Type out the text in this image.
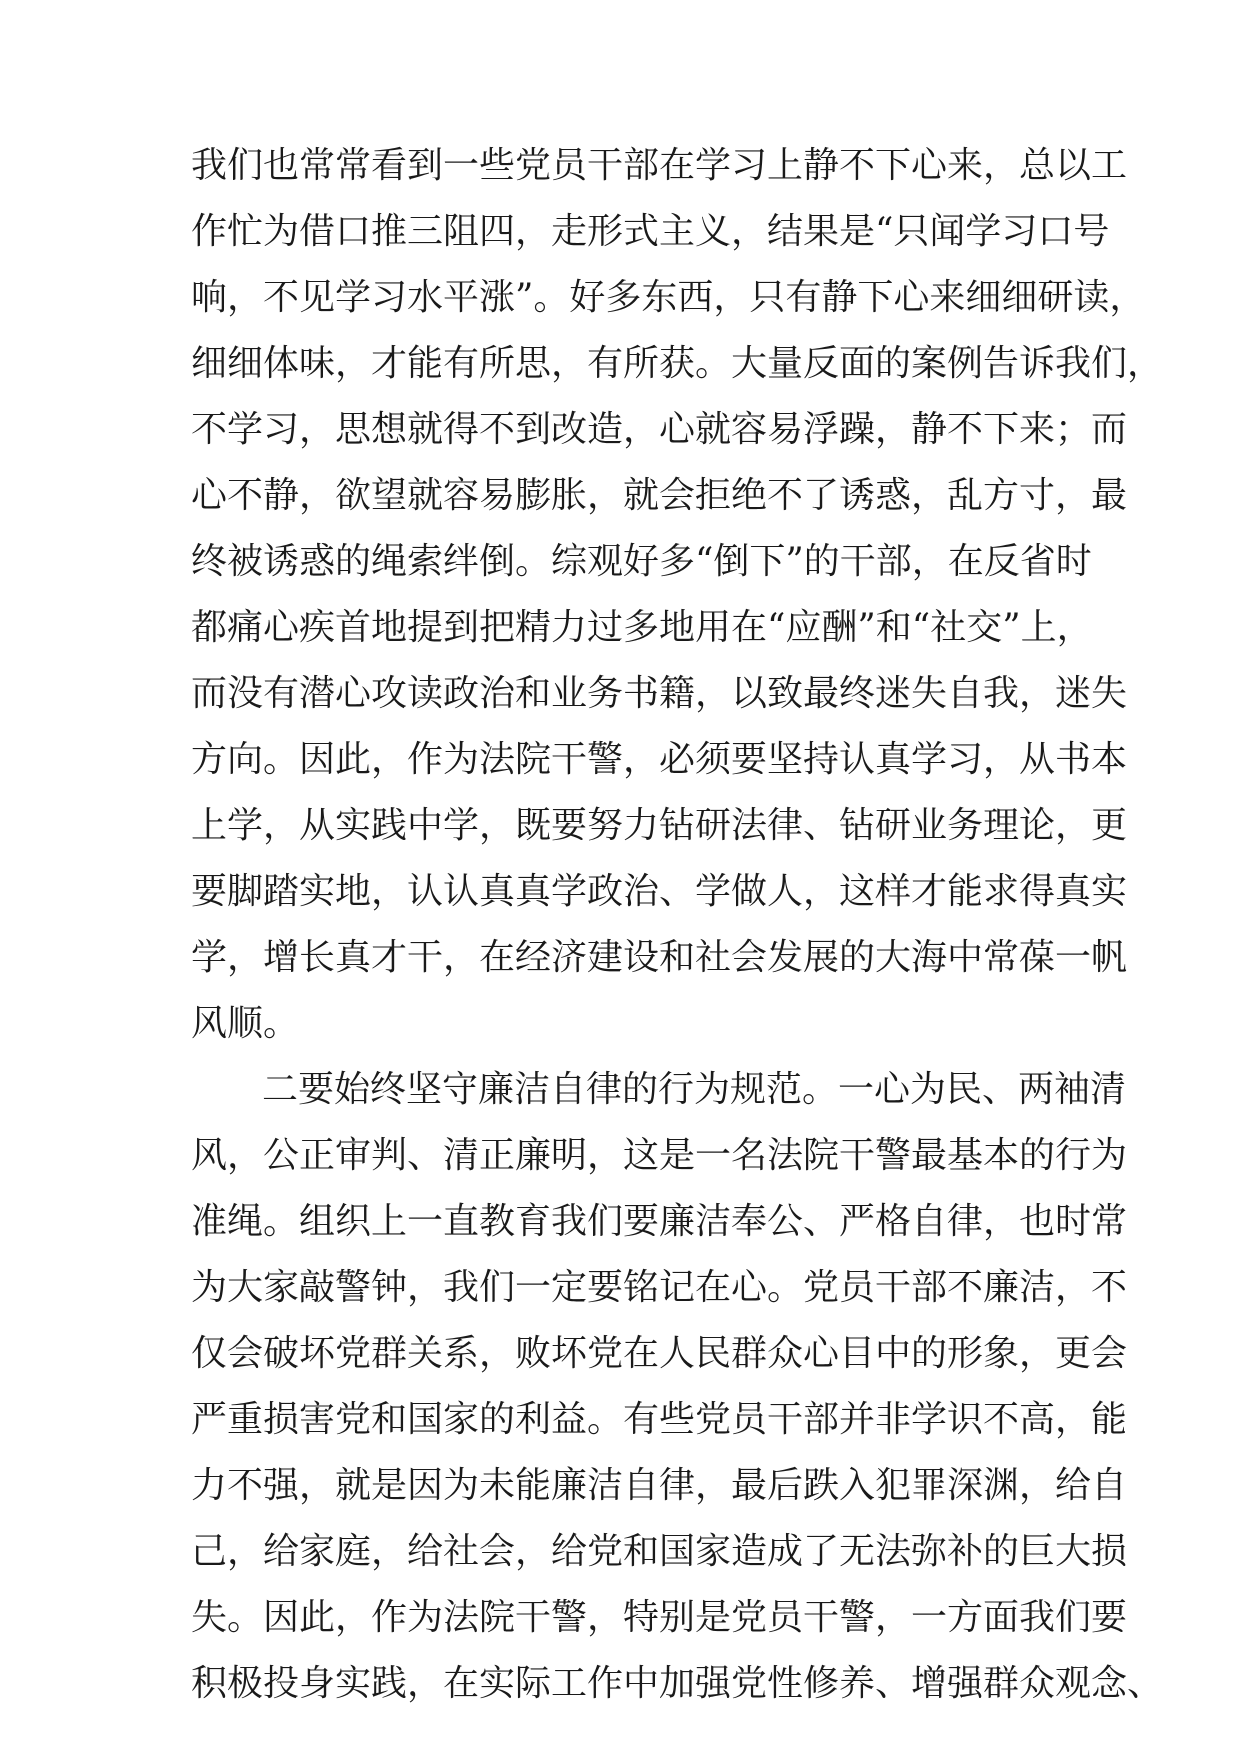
我们也常常看到一些党员干部在学习上静不下心来，总以工
作忙为借口推三阻四，走形式主义，结果是“只闻学习口号
响，不见学习水平涨”。好多东西，只有静下心来细细研读，
细细体味，才能有所思，有所获。大量反面的案例告诉我们，
不学习，思想就得不到改造，心就容易浮躁，静不下来；而
心不静，欲望就容易膨胀，就会拒绝不了诱惑，乱方寸，最
终被诱惑的绳索绊倒。综观好多“倒下”的干部，在反省时
都痛心疾首地提到把精力过多地用在“应酬”和“社交”上，
而没有潜心攻读政治和业务书籍，以致最终迷失自我，迷失
方向。因此，作为法院干警，必须要坚持认真学习，从书本
上学，从实践中学，既要努力钻研法律、钻研业务理论，更
要脚踏实地，认认真真学政治、学做人，这样才能求得真实
学，增长真才干，在经济建设和社会发展的大海中常葆一帆
风顺。
二要始终坚守廉洁自律的行为规范。一心为民、两袖清
风，公正审判、清正廉明，这是一名法院干警最基本的行为
准绳。组织上一直教育我们要廉洁奉公、严格自律，也时常
为大家敲警钟，我们一定要铭记在心。党员干部不廉洁，不
仅会破坏党群关系，败坏党在人民群众心目中的形象，更会
严重损害党和国家的利益。有些党员干部并非学识不高，能
力不强，就是因为未能廉洁自律，最后跌入犯罪深渊，给自
己，给家庭，给社会，给党和国家造成了无法弥补的巨大损
失。因此，作为法院干警，特别是党员干警，一方面我们要
积极投身实践，在实际工作中加强党性修养、增强群众观念、
